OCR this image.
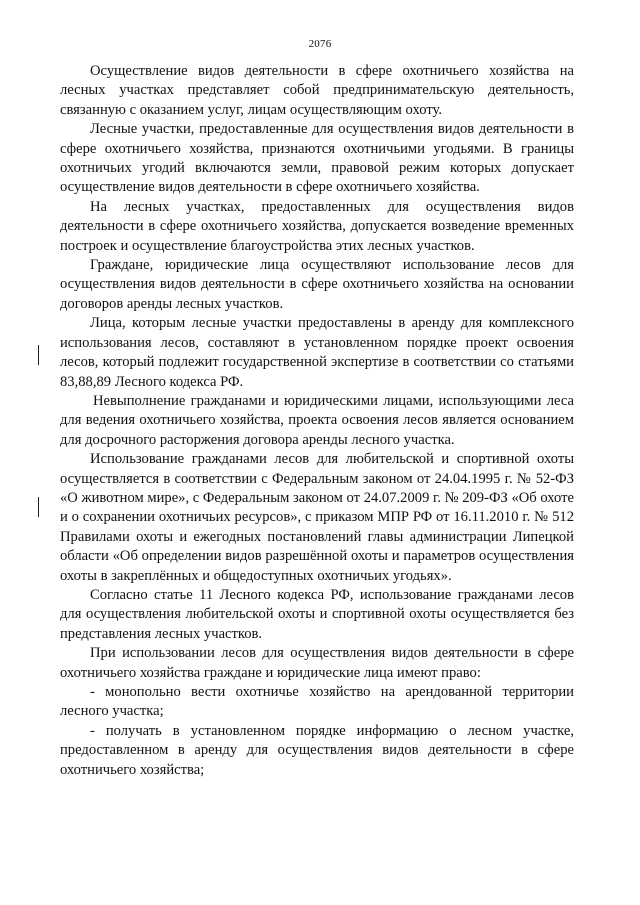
2076

Осуществление видов деятельности в сфере охотничьего хозяйства на лесных участках представляет собой предпринимательскую деятельность, связанную с оказанием услуг, лицам осуществляющим охоту.

Лесные участки, предоставленные для осуществления видов деятельности в сфере охотничьего хозяйства, признаются охотничьими угодьями. В границы охотничьих угодий включаются земли, правовой режим которых допускает осуществление видов деятельности в сфере охотничьего хозяйства.

На лесных участках, предоставленных для осуществления видов деятельности в сфере охотничьего хозяйства, допускается возведение временных построек и осуществление благоустройства этих лесных участков.

Граждане, юридические лица осуществляют использование лесов для осуществления видов деятельности в сфере охотничьего хозяйства на основании договоров аренды лесных участков.

Лица, которым лесные участки предоставлены в аренду для комплексного использования лесов, составляют в установленном порядке проект освоения лесов, который подлежит государственной экспертизе в соответствии со статьями 83,88,89 Лесного кодекса РФ.

Невыполнение гражданами и юридическими лицами, использующими леса для ведения охотничьего хозяйства, проекта освоения лесов является основанием для досрочного расторжения договора аренды лесного участка.

Использование гражданами лесов для любительской и спортивной охоты осуществляется в соответствии с Федеральным законом от 24.04.1995 г. № 52-ФЗ «О животном мире», с Федеральным законом от 24.07.2009 г. № 209-ФЗ «Об охоте и о сохранении охотничьих ресурсов», с приказом МПР РФ от 16.11.2010 г. № 512 Правилами охоты и ежегодных постановлений главы администрации Липецкой области «Об определении видов разрешённой охоты и параметров осуществления охоты в закреплённых и общедоступных охотничьих угодьях».

Согласно статье 11 Лесного кодекса РФ, использование гражданами лесов для осуществления любительской охоты и спортивной охоты осуществляется без представления лесных участков.

При использовании лесов для осуществления видов деятельности в сфере охотничьего хозяйства граждане и юридические лица имеют право:

- монопольно вести охотничье хозяйство на арендованной территории лесного участка;

- получать в установленном порядке информацию о лесном участке, предоставленном в аренду для осуществления видов деятельности в сфере охотничьего хозяйства;
